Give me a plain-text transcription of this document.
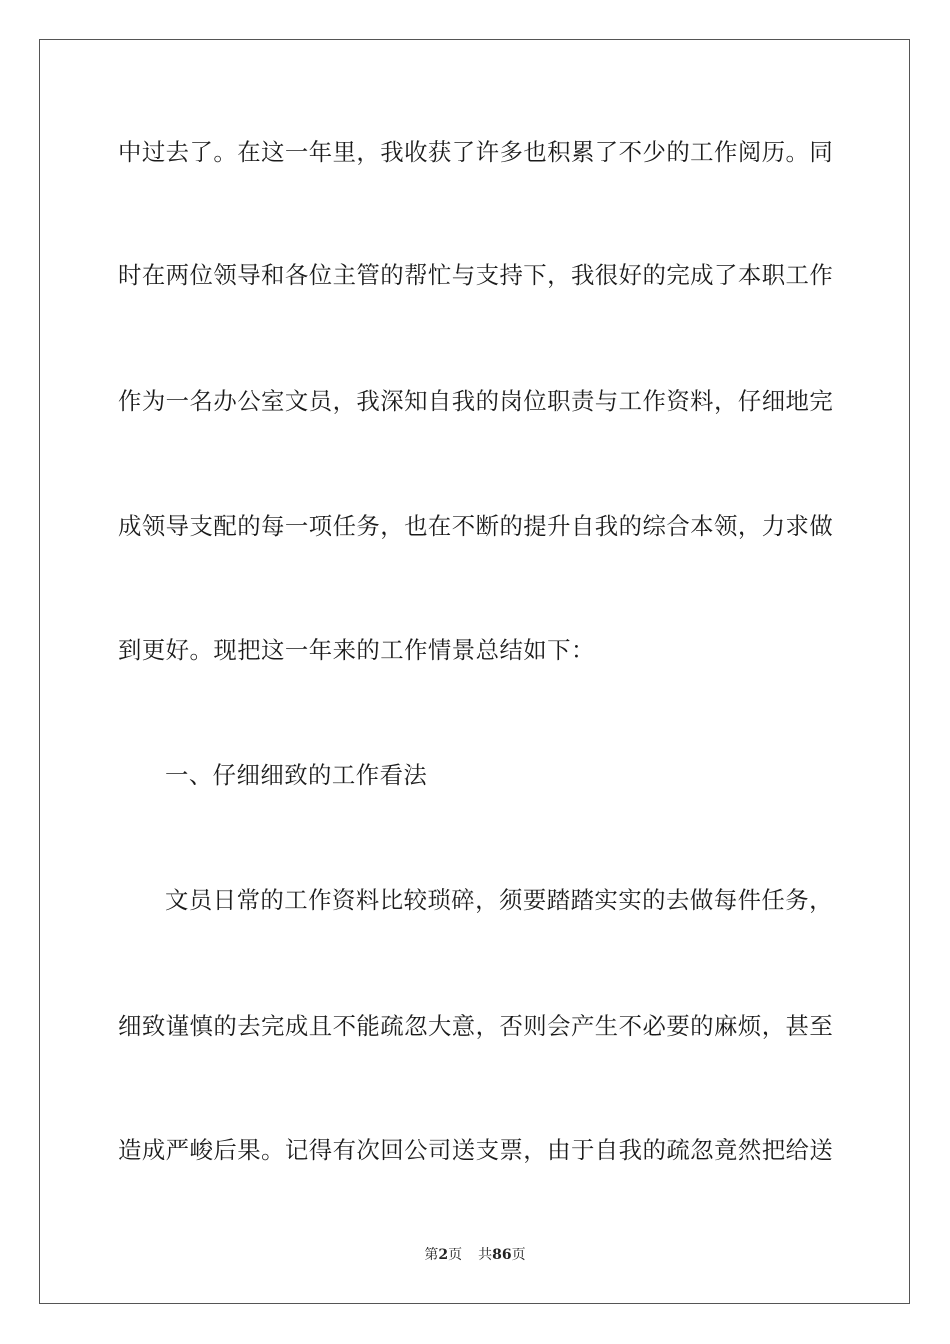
中过去了。在这一年里，我收获了许多也积累了不少的工作阅历。同
时在两位领导和各位主管的帮忙与支持下，我很好的完成了本职工作
作为一名办公室文员，我深知自我的岗位职责与工作资料，仔细地完
成领导支配的每一项任务，也在不断的提升自我的综合本领，力求做
到更好。现把这一年来的工作情景总结如下：
一、仔细细致的工作看法
文员日常的工作资料比较琐碎，须要踏踏实实的去做每件任务，
细致谨慎的去完成且不能疏忽大意，否则会产生不必要的麻烦，甚至
造成严峻后果。记得有次回公司送支票，由于自我的疏忽竟然把给送
第2页 共86页
